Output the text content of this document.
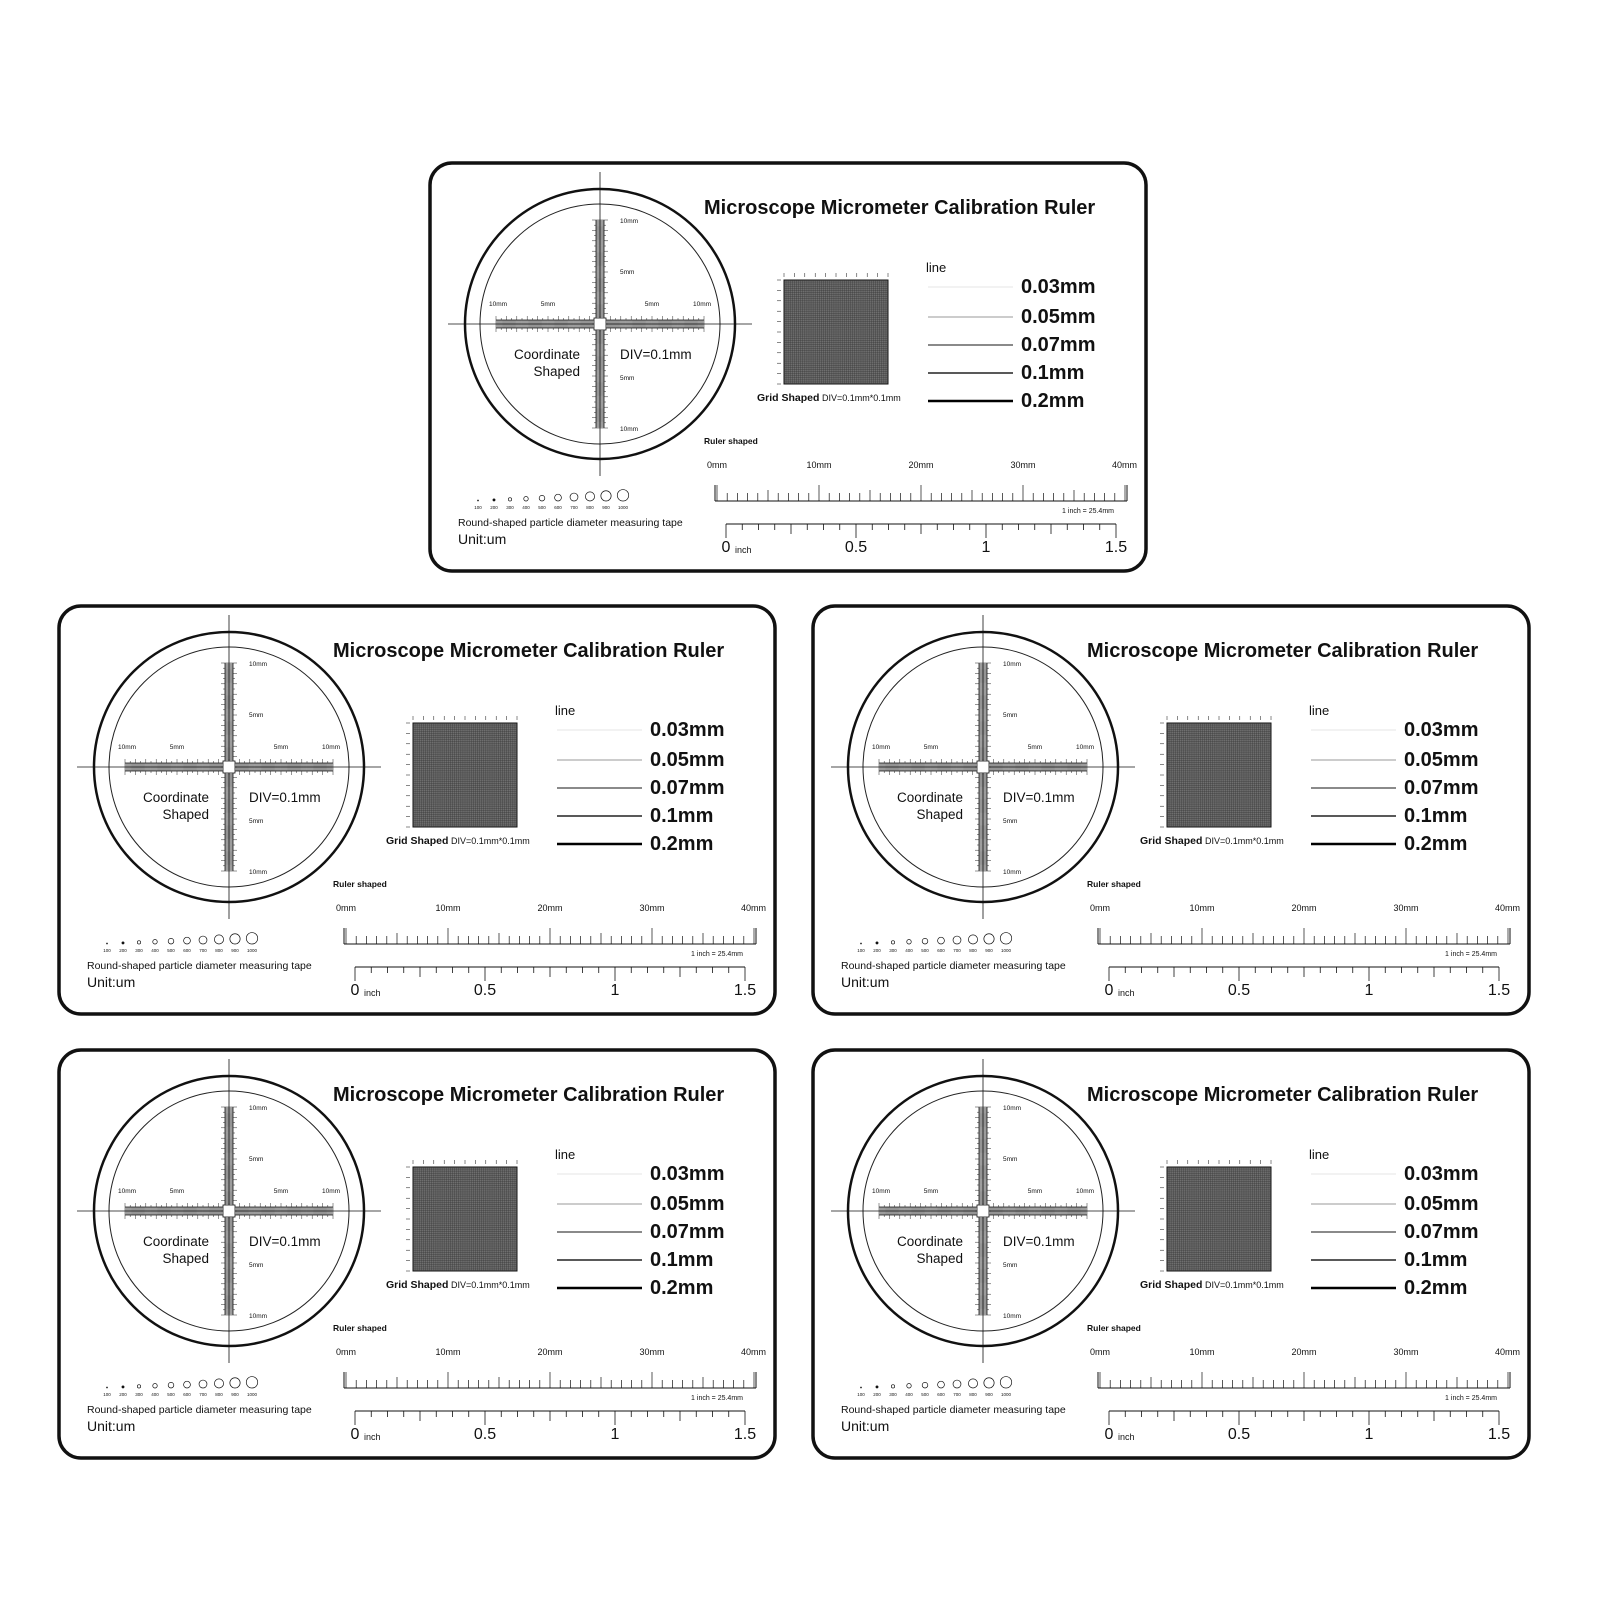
Microscope Micrometer Calibration Ruler
10mm	5mm	5mm	10mm
10mm
5mm
5mm
10mm
Coordinate
Shaped
DIV=0.1mm
Grid Shaped DIV=0.1mm*0.1mm
line
0.03mm
0.05mm
0.07mm
0.1mm
0.2mm
Ruler shaped
0mm	10mm	20mm	30mm	40mm
1 inch = 25.4mm
0	0.5	1	1.5
inch
100 200 300 400 500 600 700 800 900 1000
Round-shaped particle diameter measuring tape
Unit:um
Microscope Micrometer Calibration Ruler
10mm	5mm	5mm	10mm
10mm
5mm
5mm
10mm
Coordinate
Shaped
DIV=0.1mm
Grid Shaped DIV=0.1mm*0.1mm
line
0.03mm
0.05mm
0.07mm
0.1mm
0.2mm
Ruler shaped
0mm	10mm	20mm	30mm	40mm
1 inch = 25.4mm
0	0.5	1	1.5
inch
100 200 300 400 500 600 700 800 900 1000
Round-shaped particle diameter measuring tape
Unit:um
Microscope Micrometer Calibration Ruler
10mm	5mm	5mm	10mm
10mm
5mm
5mm
10mm
Coordinate
Shaped
DIV=0.1mm
Grid Shaped DIV=0.1mm*0.1mm
line
0.03mm
0.05mm
0.07mm
0.1mm
0.2mm
Ruler shaped
0mm	10mm	20mm	30mm	40mm
1 inch = 25.4mm
0	0.5	1	1.5
inch
100 200 300 400 500 600 700 800 900 1000
Round-shaped particle diameter measuring tape
Unit:um
Microscope Micrometer Calibration Ruler
10mm	5mm	5mm	10mm
10mm
5mm
5mm
10mm
Coordinate
Shaped
DIV=0.1mm
Grid Shaped DIV=0.1mm*0.1mm
line
0.03mm
0.05mm
0.07mm
0.1mm
0.2mm
Ruler shaped
0mm	10mm	20mm	30mm	40mm
1 inch = 25.4mm
0	0.5	1	1.5
inch
100 200 300 400 500 600 700 800 900 1000
Round-shaped particle diameter measuring tape
Unit:um
Microscope Micrometer Calibration Ruler
10mm	5mm	5mm	10mm
10mm
5mm
5mm
10mm
Coordinate
Shaped
DIV=0.1mm
Grid Shaped DIV=0.1mm*0.1mm
line
0.03mm
0.05mm
0.07mm
0.1mm
0.2mm
Ruler shaped
0mm	10mm	20mm	30mm	40mm
1 inch = 25.4mm
0	0.5	1	1.5
inch
100 200 300 400 500 600 700 800 900 1000
Round-shaped particle diameter measuring tape
Unit:um
